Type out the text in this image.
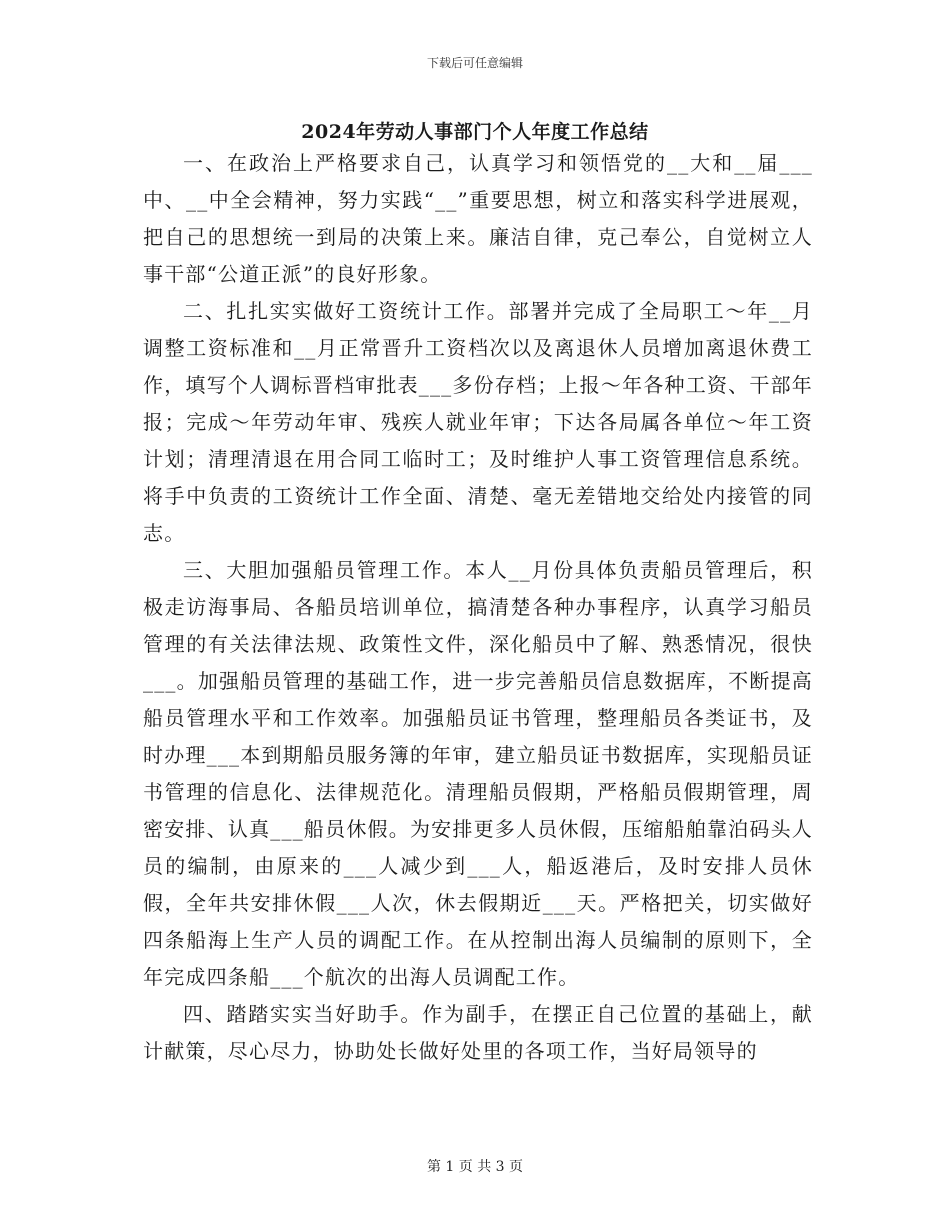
下载后可任意编辑
2024年劳动人事部门个人年度工作总结

一、在政治上严格要求自己，认真学习和领悟党的__大和__届___中、__中全会精神，努力实践“__”重要思想，树立和落实科学进展观，把自己的思想统一到局的决策上来。廉洁自律，克己奉公，自觉树立人事干部“公道正派”的良好形象。

二、扎扎实实做好工资统计工作。部署并完成了全局职工～年__月调整工资标准和__月正常晋升工资档次以及离退休人员增加离退休费工作，填写个人调标晋档审批表___多份存档；上报～年各种工资、干部年报；完成～年劳动年审、残疾人就业年审；下达各局属各单位～年工资计划；清理清退在用合同工临时工；及时维护人事工资管理信息系统。将手中负责的工资统计工作全面、清楚、毫无差错地交给处内接管的同志。

三、大胆加强船员管理工作。本人__月份具体负责船员管理后，积极走访海事局、各船员培训单位，搞清楚各种办事程序，认真学习船员管理的有关法律法规、政策性文件，深化船员中了解、熟悉情况，很快___。加强船员管理的基础工作，进一步完善船员信息数据库，不断提高船员管理水平和工作效率。加强船员证书管理，整理船员各类证书，及时办理___本到期船员服务簿的年审，建立船员证书数据库，实现船员证书管理的信息化、法律规范化。清理船员假期，严格船员假期管理，周密安排、认真___船员休假。为安排更多人员休假，压缩船舶靠泊码头人员的编制，由原来的___人减少到___人，船返港后，及时安排人员休假，全年共安排休假___人次，休去假期近___天。严格把关，切实做好四条船海上生产人员的调配工作。在从控制出海人员编制的原则下，全年完成四条船___个航次的出海人员调配工作。

四、踏踏实实当好助手。作为副手，在摆正自己位置的基础上，献计献策，尽心尽力，协助处长做好处里的各项工作，当好局领导的

第 1 页 共 3 页
